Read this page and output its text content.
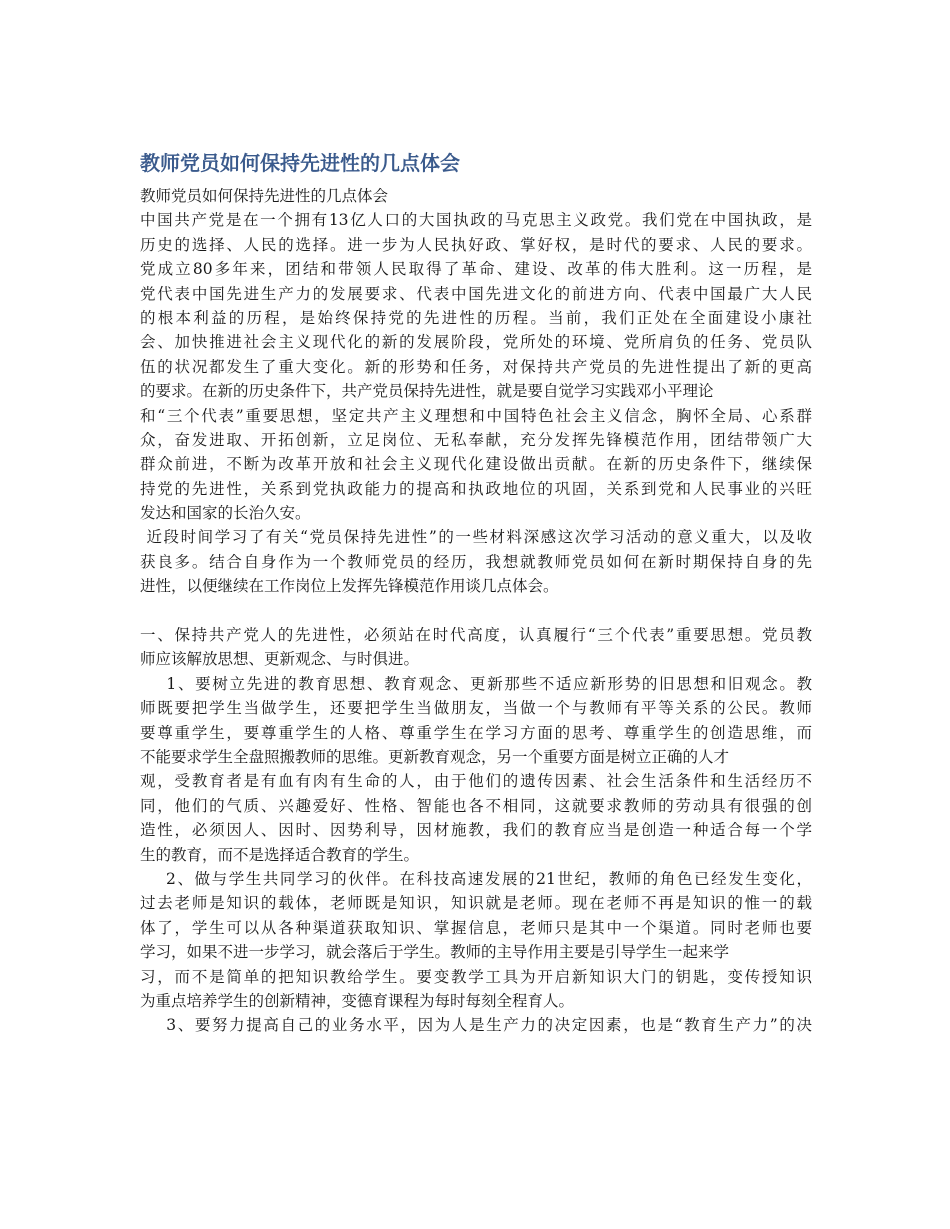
教师党员如何保持先进性的几点体会
教师党员如何保持先进性的几点体会
中国共产党是在一个拥有13亿人口的大国执政的马克思主义政党。我们党在中国执政，是
历史的选择、人民的选择。进一步为人民执好政、掌好权，是时代的要求、人民的要求。
党成立80多年来，团结和带领人民取得了革命、建设、改革的伟大胜利。这一历程，是
党代表中国先进生产力的发展要求、代表中国先进文化的前进方向、代表中国最广大人民
的根本利益的历程，是始终保持党的先进性的历程。当前，我们正处在全面建设小康社
会、加快推进社会主义现代化的新的发展阶段，党所处的环境、党所肩负的任务、党员队
伍的状况都发生了重大变化。新的形势和任务，对保持共产党员的先进性提出了新的更高
的要求。在新的历史条件下，共产党员保持先进性，就是要自觉学习实践邓小平理论
和“三个代表”重要思想，坚定共产主义理想和中国特色社会主义信念，胸怀全局、心系群
众，奋发进取、开拓创新，立足岗位、无私奉献，充分发挥先锋模范作用，团结带领广大
群众前进，不断为改革开放和社会主义现代化建设做出贡献。在新的历史条件下，继续保
持党的先进性，关系到党执政能力的提高和执政地位的巩固，关系到党和人民事业的兴旺
发达和国家的长治久安。
近段时间学习了有关“党员保持先进性”的一些材料深感这次学习活动的意义重大，以及收
获良多。结合自身作为一个教师党员的经历，我想就教师党员如何在新时期保持自身的先
进性，以便继续在工作岗位上发挥先锋模范作用谈几点体会。
一、保持共产党人的先进性，必须站在时代高度，认真履行“三个代表”重要思想。党员教
师应该解放思想、更新观念、与时俱进。
1、要树立先进的教育思想、教育观念、更新那些不适应新形势的旧思想和旧观念。教
师既要把学生当做学生，还要把学生当做朋友，当做一个与教师有平等关系的公民。教师
要尊重学生，要尊重学生的人格、尊重学生在学习方面的思考、尊重学生的创造思维，而
不能要求学生全盘照搬教师的思维。更新教育观念，另一个重要方面是树立正确的人才
观，受教育者是有血有肉有生命的人，由于他们的遗传因素、社会生活条件和生活经历不
同，他们的气质、兴趣爱好、性格、智能也各不相同，这就要求教师的劳动具有很强的创
造性，必须因人、因时、因势利导，因材施教，我们的教育应当是创造一种适合每一个学
生的教育，而不是选择适合教育的学生。
2、做与学生共同学习的伙伴。在科技高速发展的21世纪，教师的角色已经发生变化，
过去老师是知识的载体，老师既是知识，知识就是老师。现在老师不再是知识的惟一的载
体了，学生可以从各种渠道获取知识、掌握信息，老师只是其中一个渠道。同时老师也要
学习，如果不进一步学习，就会落后于学生。教师的主导作用主要是引导学生一起来学
习，而不是简单的把知识教给学生。要变教学工具为开启新知识大门的钥匙，变传授知识
为重点培养学生的创新精神，变德育课程为每时每刻全程育人。
3、要努力提高自己的业务水平，因为人是生产力的决定因素，也是“教育生产力”的决
